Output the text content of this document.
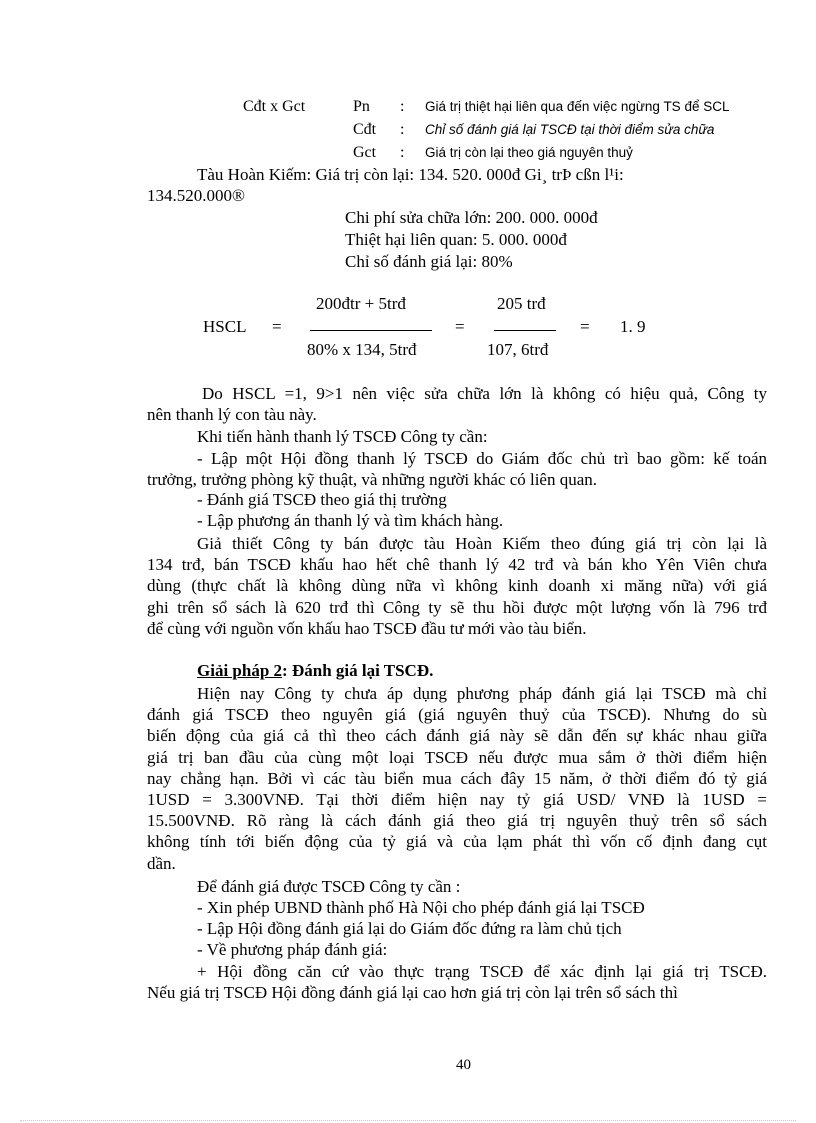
Cđt x Gct	Pn : Giá trị thiệt hại liên qua đến việc ngừng TS để SCL
Cđt : Chỉ số đánh giá lại TSCĐ tại thời điểm sửa chữa
Gct : Giá trị còn lại theo giá nguyên thuỷ
Tàu Hoàn Kiếm: Giá trị còn lại: 134. 520. 000đ Gi¸ trÞ cßn l¹i:
134.520.000®
Chi phí sửa chữa lớn: 200. 000. 000đ
Thiệt hại liên quan: 5. 000. 000đ
Chỉ số đánh giá lại: 80%
HSCL =
200đtr + 5trđ
80% x 134, 5trđ
=
205 trđ
107, 6trđ
= 1. 9
Do HSCL =1, 9>1 nên việc sửa chữa lớn là không có hiệu quả, Công ty
nên thanh lý con tàu này.
Khi tiến hành thanh lý TSCĐ Công ty cần:
- Lập một Hội đồng thanh lý TSCĐ do Giám đốc chủ trì bao gồm: kế toán
trưởng, trưởng phòng kỹ thuật, và những người khác có liên quan.
- Đánh giá TSCĐ theo giá thị trường
- Lập phương án thanh lý và tìm khách hàng.
Giả thiết Công ty bán được tàu Hoàn Kiếm theo đúng giá trị còn lại là
134 trđ, bán TSCĐ khấu hao hết chê thanh lý 42 trđ và bán kho Yên Viên chưa
dùng (thực chất là không dùng nữa vì không kinh doanh xi măng nữa) với giá
ghi trên sổ sách là 620 trđ thì Công ty sẽ thu hồi được một lượng vốn là 796 trđ
để cùng với nguồn vốn khấu hao TSCĐ đầu tư mới vào tàu biển.
Giải pháp 2: Đánh giá lại TSCĐ.
Hiện nay Công ty chưa áp dụng phương pháp đánh giá lại TSCĐ mà chỉ
đánh giá TSCĐ theo nguyên giá (giá nguyên thuỷ của TSCĐ). Nhưng do sù
biến động của giá cả thì theo cách đánh giá này sẽ dẫn đến sự khác nhau giữa
giá trị ban đầu của cùng một loại TSCĐ nếu được mua sắm ở thời điểm hiện
nay chẳng hạn. Bởi vì các tàu biển mua cách đây 15 năm, ở thời điểm đó tỷ giá
1USD = 3.300VNĐ. Tại thời điểm hiện nay tỷ giá USD/ VNĐ là 1USD =
15.500VNĐ. Rõ ràng là cách đánh giá theo giá trị nguyên thuỷ trên sổ sách
không tính tới biến động của tỷ giá và của lạm phát thì vốn cố định đang cụt
dần.
Để đánh giá được TSCĐ Công ty cần :
- Xin phép UBND thành phố Hà Nội cho phép đánh giá lại TSCĐ
- Lập Hội đồng đánh giá lại do Giám đốc đứng ra làm chủ tịch
- Về phương pháp đánh giá:
+ Hội đồng căn cứ vào thực trạng TSCĐ để xác định lại giá trị TSCĐ.
Nếu giá trị TSCĐ Hội đồng đánh giá lại cao hơn giá trị còn lại trên sổ sách thì
40
